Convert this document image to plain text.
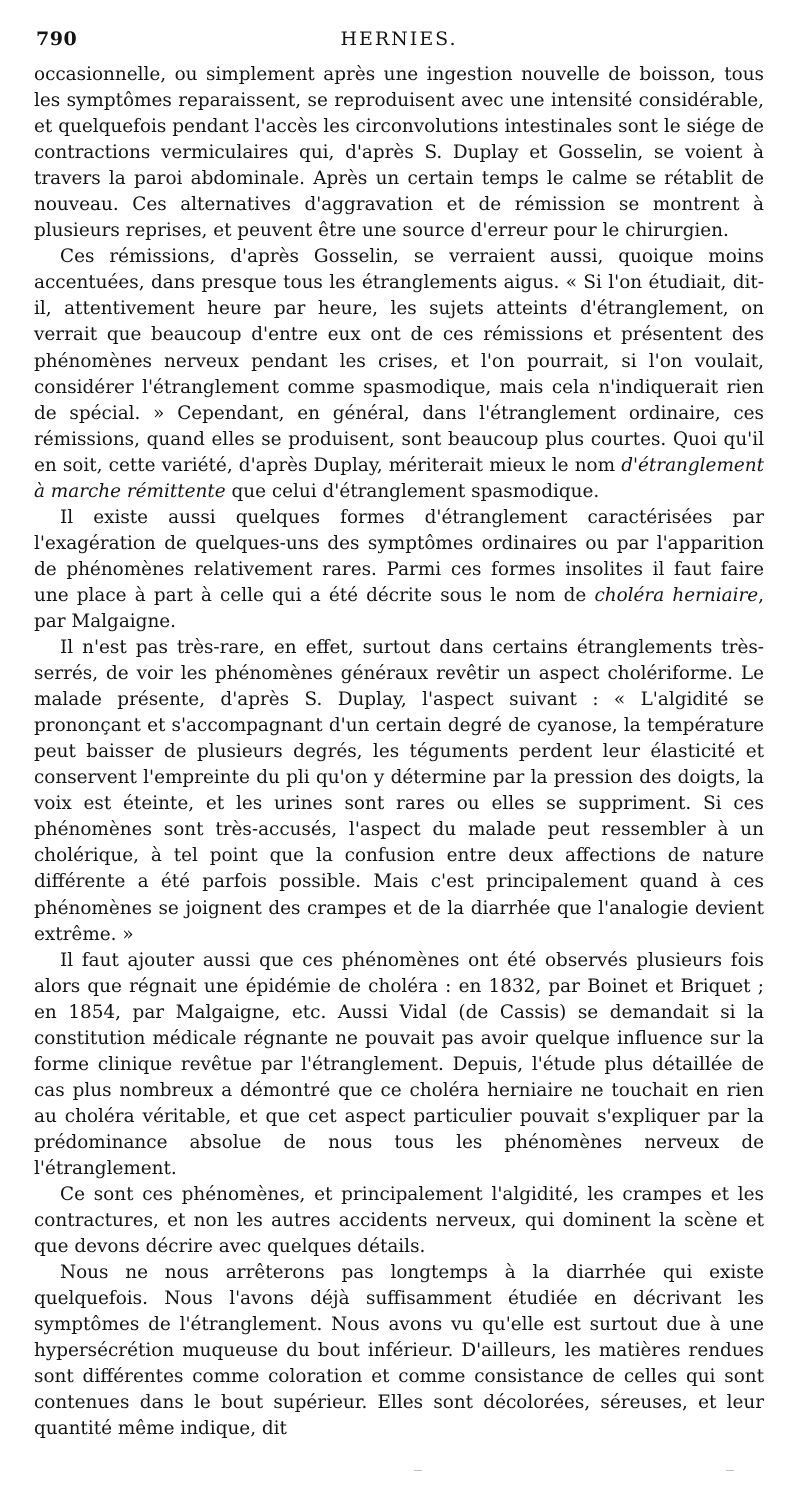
790	HERNIES.

occasionnelle, ou simplement après une ingestion nouvelle de boisson, tous les symptômes reparaissent, se reproduisent avec une intensité considérable, et quelquefois pendant l'accès les circonvolutions intestinales sont le siége de contractions vermiculaires qui, d'après S. Duplay et Gosselin, se voient à travers la paroi abdominale. Après un certain temps le calme se rétablit de nouveau. Ces alternatives d'aggravation et de rémission se montrent à plusieurs reprises, et peuvent être une source d'erreur pour le chirurgien.

Ces rémissions, d'après Gosselin, se verraient aussi, quoique moins accentuées, dans presque tous les étranglements aigus. « Si l'on étudiait, dit-il, attentivement heure par heure, les sujets atteints d'étranglement, on verrait que beaucoup d'entre eux ont de ces rémissions et présentent des phénomènes nerveux pendant les crises, et l'on pourrait, si l'on voulait, considérer l'étranglement comme spasmodique, mais cela n'indiquerait rien de spécial. » Cependant, en général, dans l'étranglement ordinaire, ces rémissions, quand elles se produisent, sont beaucoup plus courtes. Quoi qu'il en soit, cette variété, d'après Duplay, mériterait mieux le nom d'étranglement à marche rémittente que celui d'étranglement spasmodique.

Il existe aussi quelques formes d'étranglement caractérisées par l'exagération de quelques-uns des symptômes ordinaires ou par l'apparition de phénomènes relativement rares. Parmi ces formes insolites il faut faire une place à part à celle qui a été décrite sous le nom de choléra herniaire, par Malgaigne.

Il n'est pas très-rare, en effet, surtout dans certains étranglements très-serrés, de voir les phénomènes généraux revêtir un aspect cholériforme. Le malade présente, d'après S. Duplay, l'aspect suivant : « L'algidité se prononçant et s'accompagnant d'un certain degré de cyanose, la température peut baisser de plusieurs degrés, les téguments perdent leur élasticité et conservent l'empreinte du pli qu'on y détermine par la pression des doigts, la voix est éteinte, et les urines sont rares ou elles se suppriment. Si ces phénomènes sont très-accusés, l'aspect du malade peut ressembler à un cholérique, à tel point que la confusion entre deux affections de nature différente a été parfois possible. Mais c'est principalement quand à ces phénomènes se joignent des crampes et de la diarrhée que l'analogie devient extrême. »

Il faut ajouter aussi que ces phénomènes ont été observés plusieurs fois alors que régnait une épidémie de choléra : en 1832, par Boinet et Briquet ; en 1854, par Malgaigne, etc. Aussi Vidal (de Cassis) se demandait si la constitution médicale régnante ne pouvait pas avoir quelque influence sur la forme clinique revêtue par l'étranglement. Depuis, l'étude plus détaillée de cas plus nombreux a démontré que ce choléra herniaire ne touchait en rien au choléra véritable, et que cet aspect particulier pouvait s'expliquer par la prédominance absolue de nous tous les phénomènes nerveux de l'étranglement.

Ce sont ces phénomènes, et principalement l'algidité, les crampes et les contractures, et non les autres accidents nerveux, qui dominent la scène et que devons décrire avec quelques détails.

Nous ne nous arrêterons pas longtemps à la diarrhée qui existe quelquefois. Nous l'avons déjà suffisamment étudiée en décrivant les symptômes de l'étranglement. Nous avons vu qu'elle est surtout due à une hypersécrétion muqueuse du bout inférieur. D'ailleurs, les matières rendues sont différentes comme coloration et comme consistance de celles qui sont contenues dans le bout supérieur. Elles sont décolorées, séreuses, et leur quantité même indique, dit
